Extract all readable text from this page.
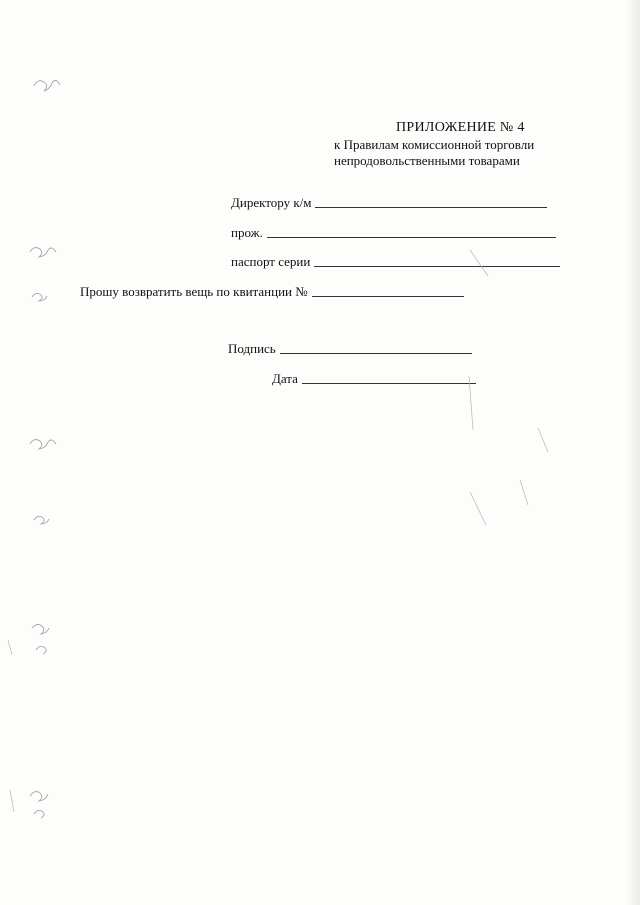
ПРИЛОЖЕНИЕ № 4
к Правилам комиссионной торговли
непродовольственными товарами
Директору к/м
прож.
паспорт серии
Прошу возвратить вещь по квитанции №
Подпись
Дата
